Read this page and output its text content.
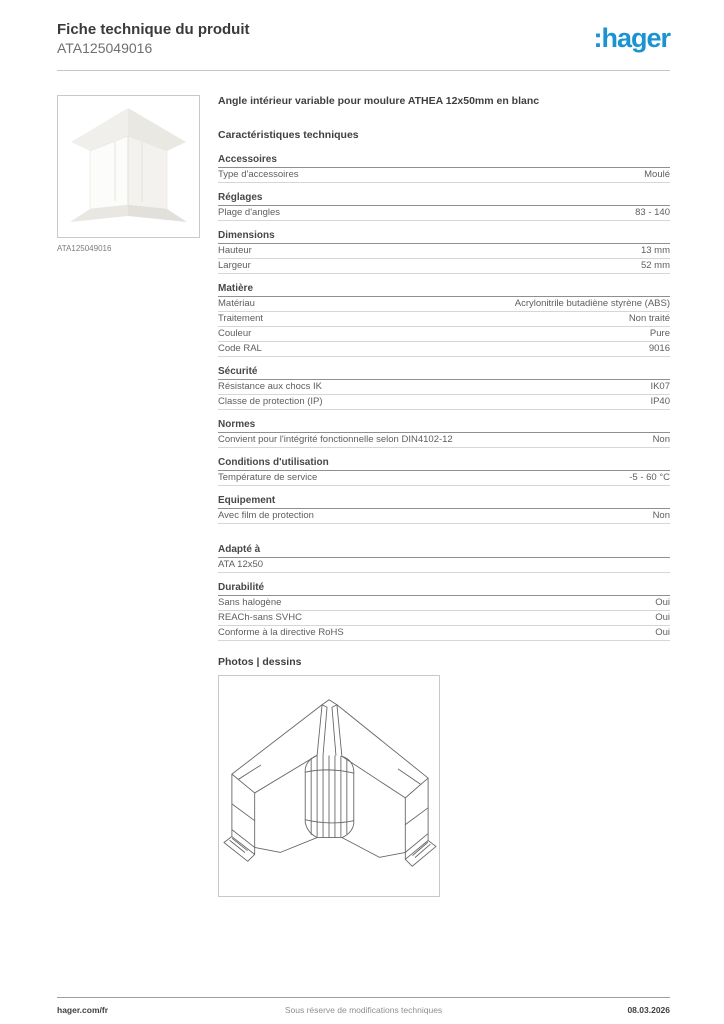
Fiche technique du produit
ATA125049016	:hager
ATA125049016
Angle intérieur variable pour moulure ATHEA 12x50mm en blanc
Caractéristiques techniques
Accessoires
Type d'accessoires	Moulé
Réglages
Plage d'angles	83 - 140
Dimensions
Hauteur	13 mm
Largeur	52 mm
Matière
Matériau	Acrylonitrile butadiène styrène (ABS)
Traitement	Non traité
Couleur	Pure
Code RAL	9016
Sécurité
Résistance aux chocs IK	IK07
Classe de protection (IP)	IP40
Normes
Convient pour l'intégrité fonctionnelle selon DIN4102-12	Non
Conditions d'utilisation
Température de service	-5 - 60 °C
Equipement
Avec film de protection	Non
Adapté à
ATA 12x50
Durabilité
Sans halogène	Oui
REACh-sans SVHC	Oui
Conforme à la directive RoHS	Oui
Photos | dessins
hager.com/fr	Sous réserve de modifications techniques	08.03.2026
